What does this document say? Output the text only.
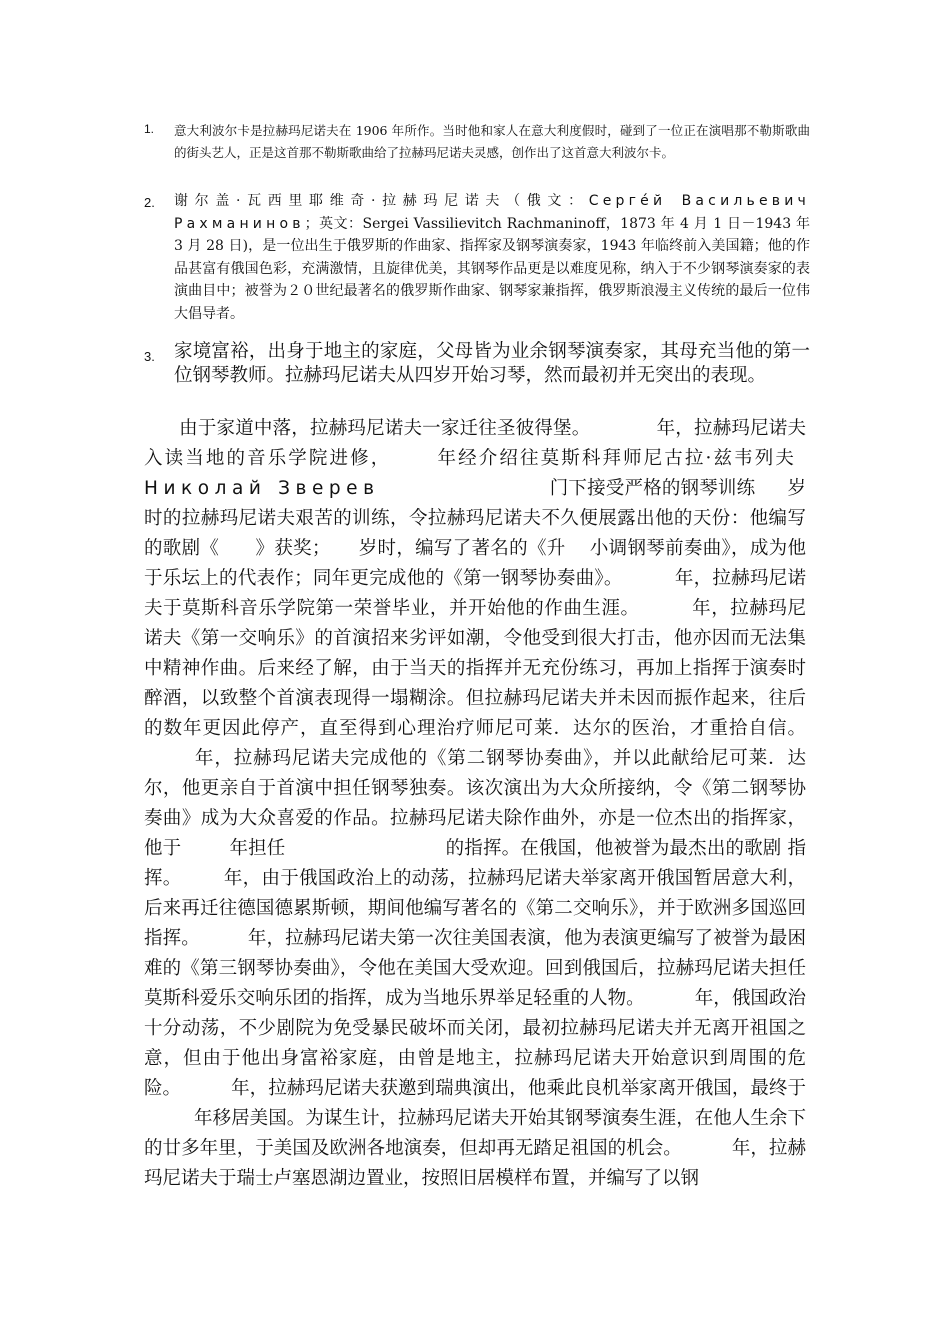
1. 意大利波尔卡是拉赫玛尼诺夫在 1906 年所作。当时他和家人在意大利度假时，碰到了一位正在演唱那不勒斯歌曲的街头艺人，正是这首那不勒斯歌曲给了拉赫玛尼诺夫灵感，创作出了这首意大利波尔卡。
2. 谢尔盖·瓦西里耶维奇·拉赫玛尼诺夫（俄文：Серге́й Васильевич Рахманинов；英文：Sergei Vassilievitch Rachmaninoff，1873 年 4 月 1 日－1943 年 3 月 28 日)，是一位出生于俄罗斯的作曲家、指挥家及钢琴演奏家，1943 年临终前入美国籍；他的作品甚富有俄国色彩，充满激情，且旋律优美，其钢琴作品更是以难度见称，纳入于不少钢琴演奏家的表演曲目中；被誉为２０世纪最著名的俄罗斯作曲家、钢琴家兼指挥，俄罗斯浪漫主义传统的最后一位伟大倡导者。
3. 家境富裕，出身于地主的家庭，父母皆为业余钢琴演奏家，其母充当他的第一位钢琴教师。拉赫玛尼诺夫从四岁开始习琴，然而最初并无突出的表现。
由于家道中落，拉赫玛尼诺夫一家迁往圣彼得堡。	年，拉赫玛尼诺夫入读当地的音乐学院进修， 年经介绍往莫斯科拜师尼古拉·兹韦列夫Николай Зверев	门下接受严格的钢琴训练 岁时的拉赫玛尼诺夫艰苦的训练，令拉赫玛尼诺夫不久便展露出他的天份：他编写的歌剧《 》获奖； 岁时，编写了著名的《升 小调钢琴前奏曲》，成为他于乐坛上的代表作；同年更完成他的《第一钢琴协奏曲》。	年，拉赫玛尼诺夫于莫斯科音乐学院第一荣誉毕业，并开始他的作曲生涯。	年，拉赫玛尼诺夫《第一交响乐》的首演招来劣评如潮，令他受到很大打击，他亦因而无法集中精神作曲。后来经了解，由于当天的指挥并无充份练习，再加上指挥于演奏时醉酒，以致整个首演表现得一塌糊涂。但拉赫玛尼诺夫并未因而振作起来，往后的数年更因此停产，直至得到心理治疗师尼可莱．达尔的医治，才重拾自信。年，拉赫玛尼诺夫完成他的《第二钢琴协奏曲》，并以此献给尼可莱．达尔，他更亲自于首演中担任钢琴独奏。该次演出为大众所接纳，令《第二钢琴协奏曲》成为大众喜爱的作品。拉赫玛尼诺夫除作曲外，亦是一位杰出的指挥家，他于	年担任	的指挥。在俄国，他被誉为最杰出的歌剧 指挥。 年，由于俄国政治上的动荡，拉赫玛尼诺夫举家离开俄国暂居意大利，后来再迁往德国德累斯顿，期间他编写著名的《第二交响乐》，并于欧洲多国巡回指挥。	年，拉赫玛尼诺夫第一次往美国表演，他为表演更编写了被誉为最困难的《第三钢琴协奏曲》，令他在美国大受欢迎。回到俄国后，拉赫玛尼诺夫担任莫斯科爱乐交响乐团的指挥，成为当地乐界举足轻重的人物。	年，俄国政治十分动荡，不少剧院为免受暴民破坏而关闭，最初拉赫玛尼诺夫并无离开祖国之意，但由于他出身富裕家庭，由曾是地主，拉赫玛尼诺夫开始意识到周围的危险。	年，拉赫玛尼诺夫获邀到瑞典演出，他乘此良机举家离开俄国，最终于年移居美国。为谋生计，拉赫玛尼诺夫开始其钢琴演奏生涯，在他人生余下的廿多年里，于美国及欧洲各地演奏，但却再无踏足祖国的机会。	年，拉赫玛尼诺夫于瑞士卢塞恩湖边置业，按照旧居模样布置，并编写了以钢
